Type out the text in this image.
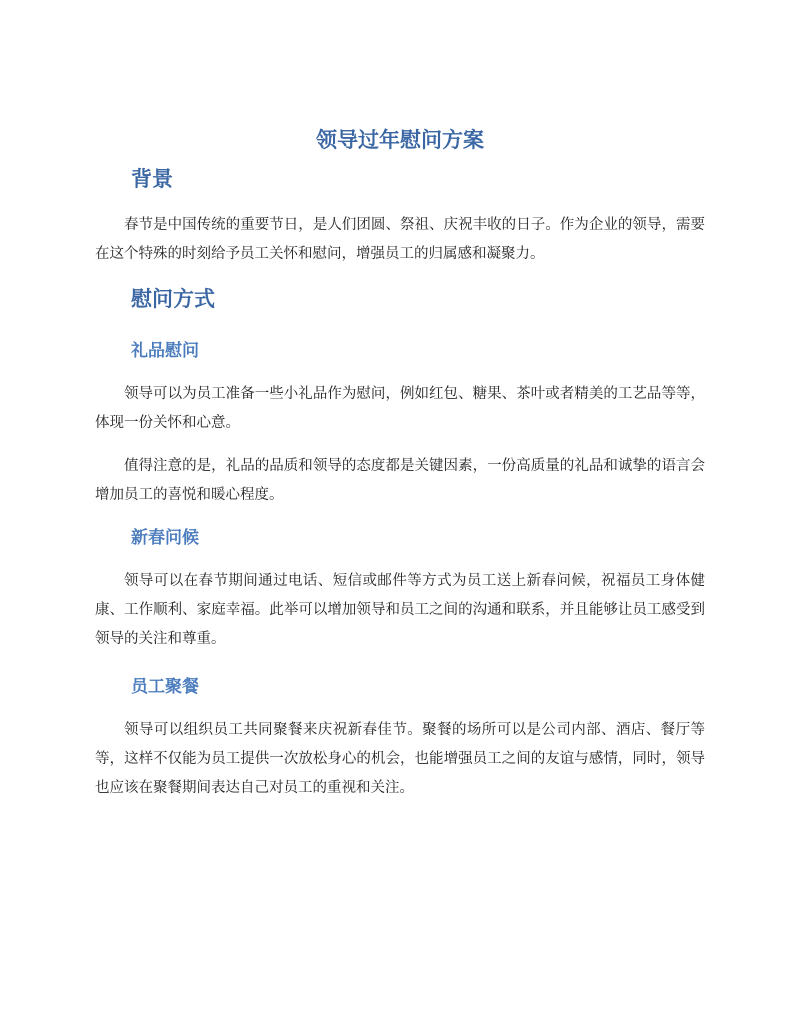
领导过年慰问方案
背景

春节是中国传统的重要节日，是人们团圆、祭祖、庆祝丰收的日子。作为企业的领导，需要在这个特殊的时刻给予员工关怀和慰问，增强员工的归属感和凝聚力。

慰问方式
礼品慰问

领导可以为员工准备一些小礼品作为慰问，例如红包、糖果、茶叶或者精美的工艺品等等，体现一份关怀和心意。

值得注意的是，礼品的品质和领导的态度都是关键因素，一份高质量的礼品和诚挚的语言会增加员工的喜悦和暖心程度。

新春问候

领导可以在春节期间通过电话、短信或邮件等方式为员工送上新春问候，祝福员工身体健康、工作顺利、家庭幸福。此举可以增加领导和员工之间的沟通和联系，并且能够让员工感受到领导的关注和尊重。

员工聚餐

领导可以组织员工共同聚餐来庆祝新春佳节。聚餐的场所可以是公司内部、酒店、餐厅等等，这样不仅能为员工提供一次放松身心的机会，也能增强员工之间的友谊与感情，同时，领导也应该在聚餐期间表达自己对员工的重视和关注。
